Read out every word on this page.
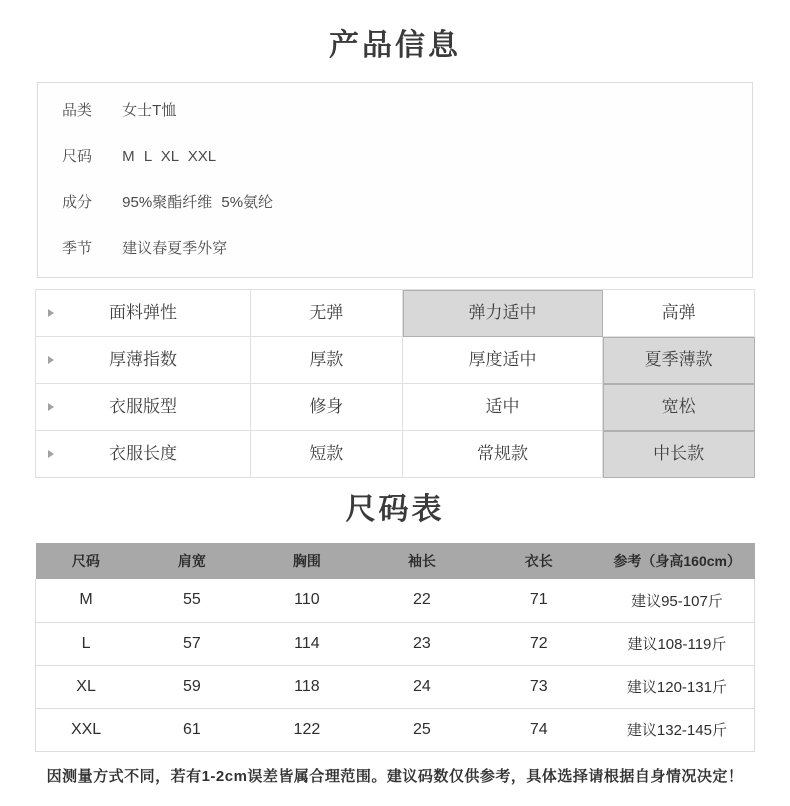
产品信息
品类 女士T恤
尺码 M L XL XXL
成分 95%聚酯纤维 5%氨纶
季节 建议春夏季外穿
面料弹性	无弹	弹力适中	高弹
厚薄指数	厚款	厚度适中	夏季薄款
衣服版型	修身	适中	宽松
衣服长度	短款	常规款	中长款
尺码表
尺码	肩宽	胸围	袖长	衣长	参考（身高160cm）
M	55	110	22	71	建议95-107斤
L	57	114	23	72	建议108-119斤
XL	59	118	24	73	建议120-131斤
XXL	61	122	25	74	建议132-145斤

因测量方式不同，若有1-2cm误差皆属合理范围。建议码数仅供参考，具体选择请根据自身情况决定！
